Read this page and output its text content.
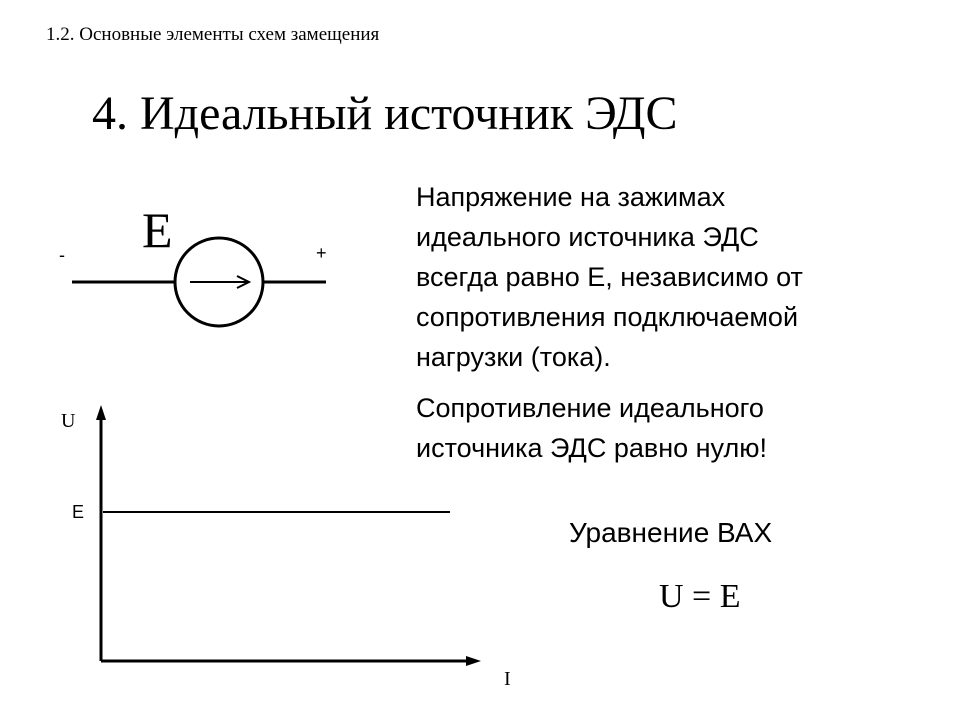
1.2. Основные элементы схем замещения

4. Идеальный источник ЭДС
Напряжение на зажимах
идеального источника ЭДС
всегда равно Е, независимо от
сопротивления подключаемой
нагрузки (тока).
Сопротивление идеального
источника ЭДС равно нулю!

Уравнение ВАХ

U = E

E
-	+
U
E
I
